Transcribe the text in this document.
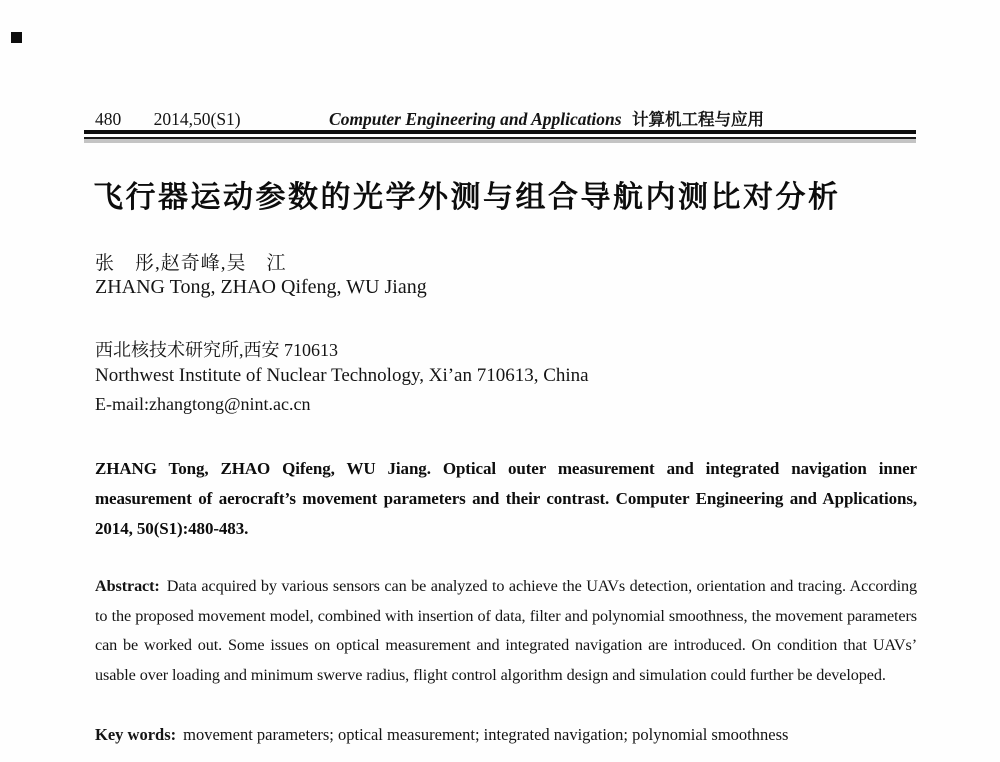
480 2014,50(S1)	Computer Engineering and Applications 计算机工程与应用
飞行器运动参数的光学外测与组合导航内测比对分析
张　彤,赵奇峰,吴　江
ZHANG Tong, ZHAO Qifeng, WU Jiang
西北核技术研究所,西安 710613
Northwest Institute of Nuclear Technology, Xi’an 710613, China
E-mail:zhangtong@nint.ac.cn

ZHANG Tong, ZHAO Qifeng, WU Jiang. Optical outer measurement and integrated navigation inner measurement of aerocraft’s movement parameters and their contrast. Computer Engineering and Applications, 2014, 50(S1):480-483.

Abstract: Data acquired by various sensors can be analyzed to achieve the UAVs detection, orientation and tracing. According to the proposed movement model, combined with insertion of data, filter and polynomial smoothness, the movement parameters can be worked out. Some issues on optical measurement and integrated navigation are introduced. On condition that UAVs’ usable over loading and minimum swerve radius, flight control algorithm design and simulation could further be developed.

Key words: movement parameters; optical measurement; integrated navigation; polynomial smoothness
